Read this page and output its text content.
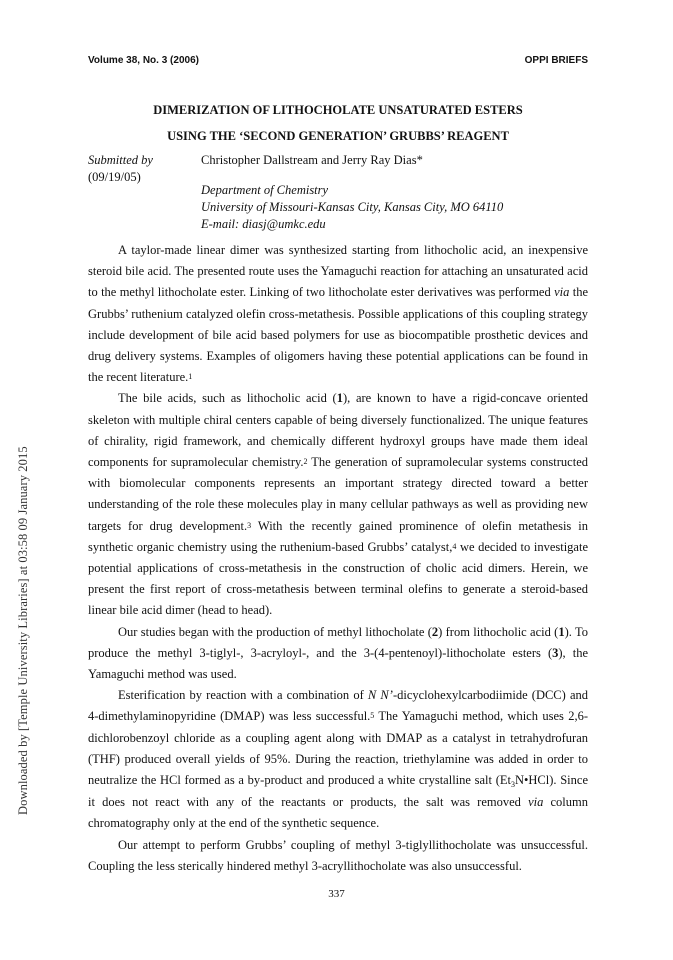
Downloaded by [Temple University Libraries] at 03:58 09 January 2015
Volume 38, No. 3 (2006)	OPPI BRIEFS
DIMERIZATION OF LITHOCHOLATE UNSATURATED ESTERS
USING THE ‘SECOND GENERATION’ GRUBBS’ REAGENT
Submitted by
(09/19/05)
Christopher Dallstream and Jerry Ray Dias*
Department of Chemistry
University of Missouri-Kansas City, Kansas City, MO 64110
E-mail: diasj@umkc.edu

A taylor-made linear dimer was synthesized starting from lithocholic acid, an inexpensive steroid bile acid. The presented route uses the Yamaguchi reaction for attaching an unsaturated acid to the methyl lithocholate ester. Linking of two lithocholate ester derivatives was performed via the Grubbs’ ruthenium catalyzed olefin cross-metathesis. Possible applications of this coupling strategy include development of bile acid based polymers for use as biocompatible prosthetic devices and drug delivery systems. Examples of oligomers having these potential applications can be found in the recent literature.$^1$

The bile acids, such as lithocholic acid (1), are known to have a rigid-concave oriented skeleton with multiple chiral centers capable of being diversely functionalized. The unique features of chirality, rigid framework, and chemically different hydroxyl groups have made them ideal components for supramolecular chemistry.$^2$ The generation of supramolecular systems constructed with biomolecular components represents an important strategy directed toward a better understanding of the role these molecules play in many cellular pathways as well as providing new targets for drug development.$^3$ With the recently gained prominence of olefin metathesis in synthetic organic chemistry using the ruthenium-based Grubbs’ catalyst,$^4$ we decided to investigate potential applications of cross-metathesis in the construction of cholic acid dimers. Herein, we present the first report of cross-metathesis between terminal olefins to generate a steroid-based linear bile acid dimer (head to head).

Our studies began with the production of methyl lithocholate (2) from lithocholic acid (1). To produce the methyl 3-tiglyl-, 3-acryloyl-, and the 3-(4-pentenoyl)-lithocholate esters (3), the Yamaguchi method was used.

Esterification by reaction with a combination of N N’-dicyclohexylcarbodiimide (DCC) and 4-dimethylaminopyridine (DMAP) was less successful.$^5$ The Yamaguchi method, which uses 2,6-dichlorobenzoyl chloride as a coupling agent along with DMAP as a catalyst in tetrahydrofuran (THF) produced overall yields of 95%. During the reaction, triethylamine was added in order to neutralize the HCl formed as a by-product and produced a white crystalline salt $(Et_3N•HCl)$. Since it does not react with any of the reactants or products, the salt was removed via column chromatography only at the end of the synthetic sequence.

Our attempt to perform Grubbs’ coupling of methyl 3-tiglyllithocholate was unsuccessful. Coupling the less sterically hindered methyl 3-acryllithocholate was also unsuccessful.

337
